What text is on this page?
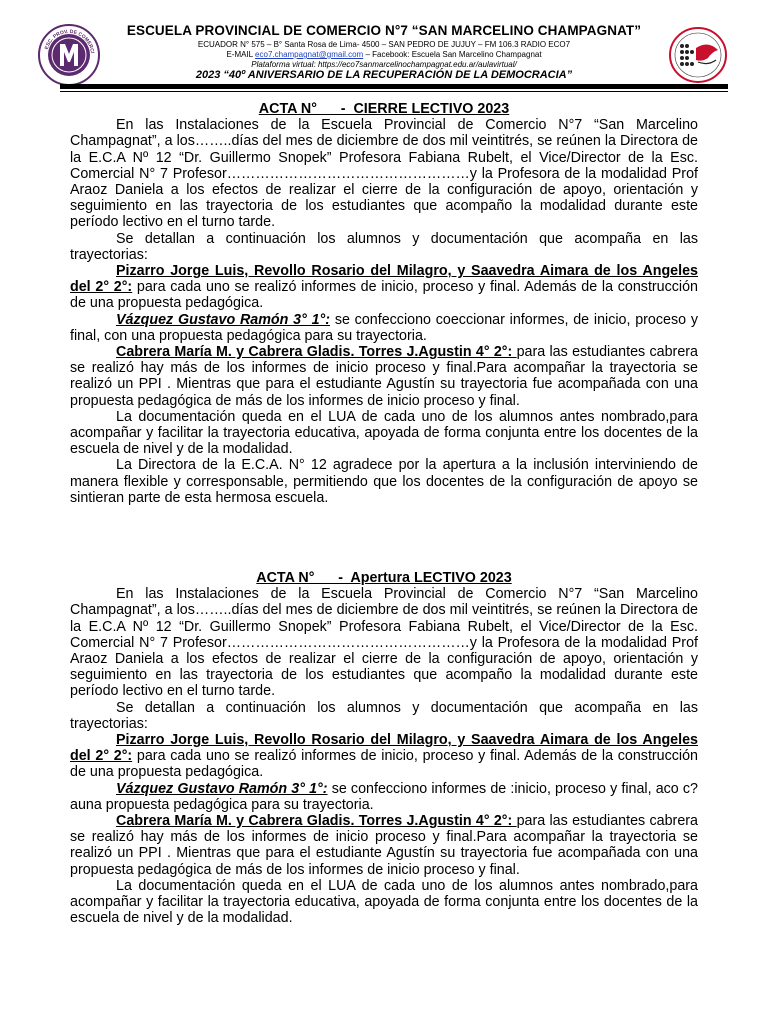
ESC. PROV. DE COMERCI
ESCUELA PROVINCIAL DE COMERCIO N°7 “SAN MARCELINO CHAMPAGNAT”
ECUADOR N° 575 – B° Santa Rosa de Lima- 4500 – SAN PEDRO DE JUJUY – FM 106.3 RADIO ECO7
E-MAIL eco7.champagnat@gmail.com – Facebook: Escuela San Marcelino Champagnat
Plataforma virtual: https://eco7sanmarcelinochampagnat.edu.ar/aulavirtual/
2023 “40º ANIVERSARIO DE LA RECUPERACIÓN DE LA DEMOCRACIA”
ACTA N°      -  CIERRE LECTIVO 2023

En las Instalaciones de la Escuela Provincial de Comercio N°7 “San Marcelino Champagnat”, a los……..días del mes de diciembre de dos mil veintitrés, se reúnen la Directora de la E.C.A Nº 12 “Dr. Guillermo Snopek” Profesora Fabiana Rubelt, el Vice/Director de la Esc. Comercial N° 7 Profesor……………………………………………y la Profesora de la modalidad Prof Araoz Daniela a los efectos de realizar el cierre de la configuración de apoyo, orientación y seguimiento en las trayectoria de los estudiantes que acompaño la modalidad durante este período lectivo en el turno tarde.

Se detallan a continuación los alumnos y documentación que acompaña en las trayectorias:

Pizarro Jorge Luis, Revollo Rosario del Milagro, y Saavedra Aimara de los Angeles del 2° 2°: para cada uno se realizó informes de inicio, proceso y final. Además de la construcción de una propuesta pedagógica.

Vázquez Gustavo Ramón 3° 1°: se confecciono coeccionar informes, de inicio, proceso y final, con una propuesta pedagógica para su trayectoria.

Cabrera María M. y Cabrera Gladis. Torres J.Agustin 4° 2°: para las estudiantes cabrera se realizó hay más de los informes de inicio proceso y final.Para acompañar la trayectoria se realizó un PPI . Mientras que para el estudiante Agustín su trayectoria fue acompañada con una propuesta pedagógica de más de los informes de inicio proceso y final.

La documentación queda en el LUA de cada uno de los alumnos antes nombrado,para acompañar y facilitar la trayectoria educativa, apoyada de forma conjunta entre los docentes de la escuela de nivel y de la modalidad.

La Directora de la E.C.A. N° 12 agradece por la apertura a la inclusión interviniendo de manera flexible y corresponsable, permitiendo que los docentes de la configuración de apoyo se sintieran parte de esta hermosa escuela.

ACTA N°      -  Apertura LECTIVO 2023

En las Instalaciones de la Escuela Provincial de Comercio N°7 “San Marcelino Champagnat”, a los……..días del mes de diciembre de dos mil veintitrés, se reúnen la Directora de la E.C.A Nº 12 “Dr. Guillermo Snopek” Profesora Fabiana Rubelt, el Vice/Director de la Esc. Comercial N° 7 Profesor……………………………………………y la Profesora de la modalidad Prof Araoz Daniela a los efectos de realizar el cierre de la configuración de apoyo, orientación y seguimiento en las trayectoria de los estudiantes que acompaño la modalidad durante este período lectivo en el turno tarde.

Se detallan a continuación los alumnos y documentación que acompaña en las trayectorias:

Pizarro Jorge Luis, Revollo Rosario del Milagro, y Saavedra Aimara de los Angeles del 2° 2°: para cada uno se realizó informes de inicio, proceso y final. Además de la construcción de una propuesta pedagógica.

Vázquez Gustavo Ramón 3° 1°: se confecciono informes de :inicio, proceso y final, aco c?auna propuesta pedagógica para su trayectoria.

Cabrera María M. y Cabrera Gladis. Torres J.Agustin 4° 2°: para las estudiantes cabrera se realizó hay más de los informes de inicio proceso y final.Para acompañar la trayectoria se realizó un PPI . Mientras que para el estudiante Agustín su trayectoria fue acompañada con una propuesta pedagógica de más de los informes de inicio proceso y final.

La documentación queda en el LUA de cada uno de los alumnos antes nombrado,para acompañar y facilitar la trayectoria educativa, apoyada de forma conjunta entre los docentes de la escuela de nivel y de la modalidad.
